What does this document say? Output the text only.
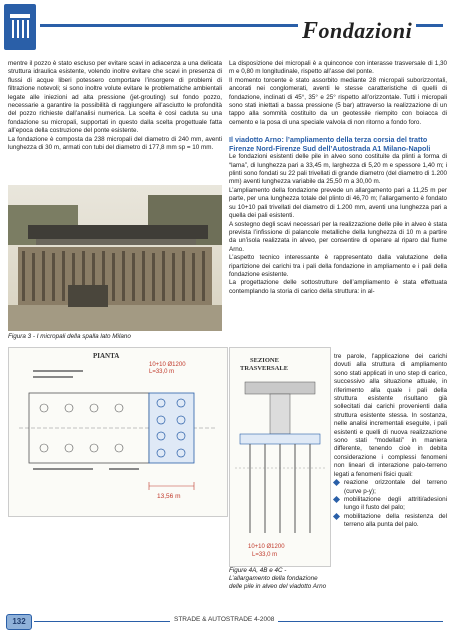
Fondazioni

mentre il pozzo è stato escluso per evitare scavi in adiacenza a una delicata struttura idraulica esistente, volendo inoltre evitare che scavi in presenza di flussi di acque liberi potessero comportare l’insorgere di problemi di filtrazione notevoli; si sono inoltre volute evitare le problematiche ambientali legate alle iniezioni ad alta pressione (jet-grouting) sul fondo pozzo, necessarie a garantire la possibilità di raggiungere all’asciutto le profondità del pozzo richieste dall’analisi numerica. La scelta è così caduta su una fondazione su micropali, supportati in questo dalla scelta progettuale fatta all’epoca della costruzione del ponte esistente.

La fondazione è composta da 238 micropali del diametro di 240 mm, aventi lunghezza di 30 m, armati con tubi del diametro di 177,8 mm sp = 10 mm.

Figura 3 - I micropali della spalla lato Milano
PIANTA
10+10 Ø1200
L=33,0 m
13,56 m

La disposizione dei micropali è a quinconce con interasse trasversale di 1,30 m e 0,80 m longitudinale, rispetto all’asse del ponte.

Il momento torcente è stato assorbito mediante 28 micropali suborizzontali, ancorati nei conglomerati, aventi le stesse caratteristiche di quelli di fondazione, inclinati di 45°, 35° e 25° rispetto all’orizzontale. Tutti i micropali sono stati iniettati a bassa pressione (5 bar) attraverso la realizzazione di un tappo alla sommità costituito da un geotessile riempito con boiacca di cemento e la posa di una speciale valvola di non ritorno a fondo foro.

Il viadotto Arno: l’ampliamento della terza corsia del tratto
Firenze Nord-Firenze Sud dell’Autostrada A1 Milano-Napoli

Le fondazioni esistenti delle pile in alveo sono costituite da plinti a forma di “lama”, di lunghezza pari a 33,45 m, larghezza di 5,20 m e spessore 1,40 m; i plinti sono fondati su 22 pali trivellati di grande diametro (del diametro di 1.200 mm) aventi lunghezza variabile da 25,50 m a 30,00 m.

L’ampliamento della fondazione prevede un allargamento pari a 11,25 m per parte, per una lunghezza totale del plinto di 46,70 m; l’allargamento è fondato su 10+10 pali trivellati del diametro di 1.200 mm, aventi una lunghezza pari a quella dei pali esistenti.

A sostegno degli scavi necessari per la realizzazione delle pile in alveo è stata prevista l’infissione di palancole metalliche della lunghezza di 10 m a partire da un’isola realizzata in alveo, per consentire di operare al riparo dal fiume Arno.

L’aspetto tecnico interessante è rappresentato dalla valutazione della ripartizione dei carichi tra i pali della fondazione in ampliamento e i pali della fondazione esistente.

La progettazione delle sottostrutture dell’ampliamento è stata effettuata contemplando la storia di carico della struttura: in al-

SEZIONE
TRASVERSALE
10+10 Ø1200
L=33,0 m
Figure 4A, 4B e 4C - L’allargamento della fondazione delle pile in alveo del viadotto Arno

tre parole, l’applicazione dei carichi dovuti alla struttura di ampliamento sono stati applicati in uno step di carico, successivo alla situazione attuale, in riferimento alla quale i pali della struttura esistente risultano già sollecitati dai carichi provenienti dalla struttura esistente stessa. In sostanza, nelle analisi incrementali eseguite, i pali esistenti e quelli di nuova realizzazione sono stati “modellati” in maniera differente, tenendo cioè in debita considerazione i complessi fenomeni non lineari di interazione palo-terreno legati a fenomeni fisici quali:

reazione orizzontale del terreno (curve p-y);
mobilitazione degli attriti/adesioni lungo il fusto del palo;
mobilitazione della resistenza del terreno alla punta del palo.
132	STRADE & AUTOSTRADE 4-2008
